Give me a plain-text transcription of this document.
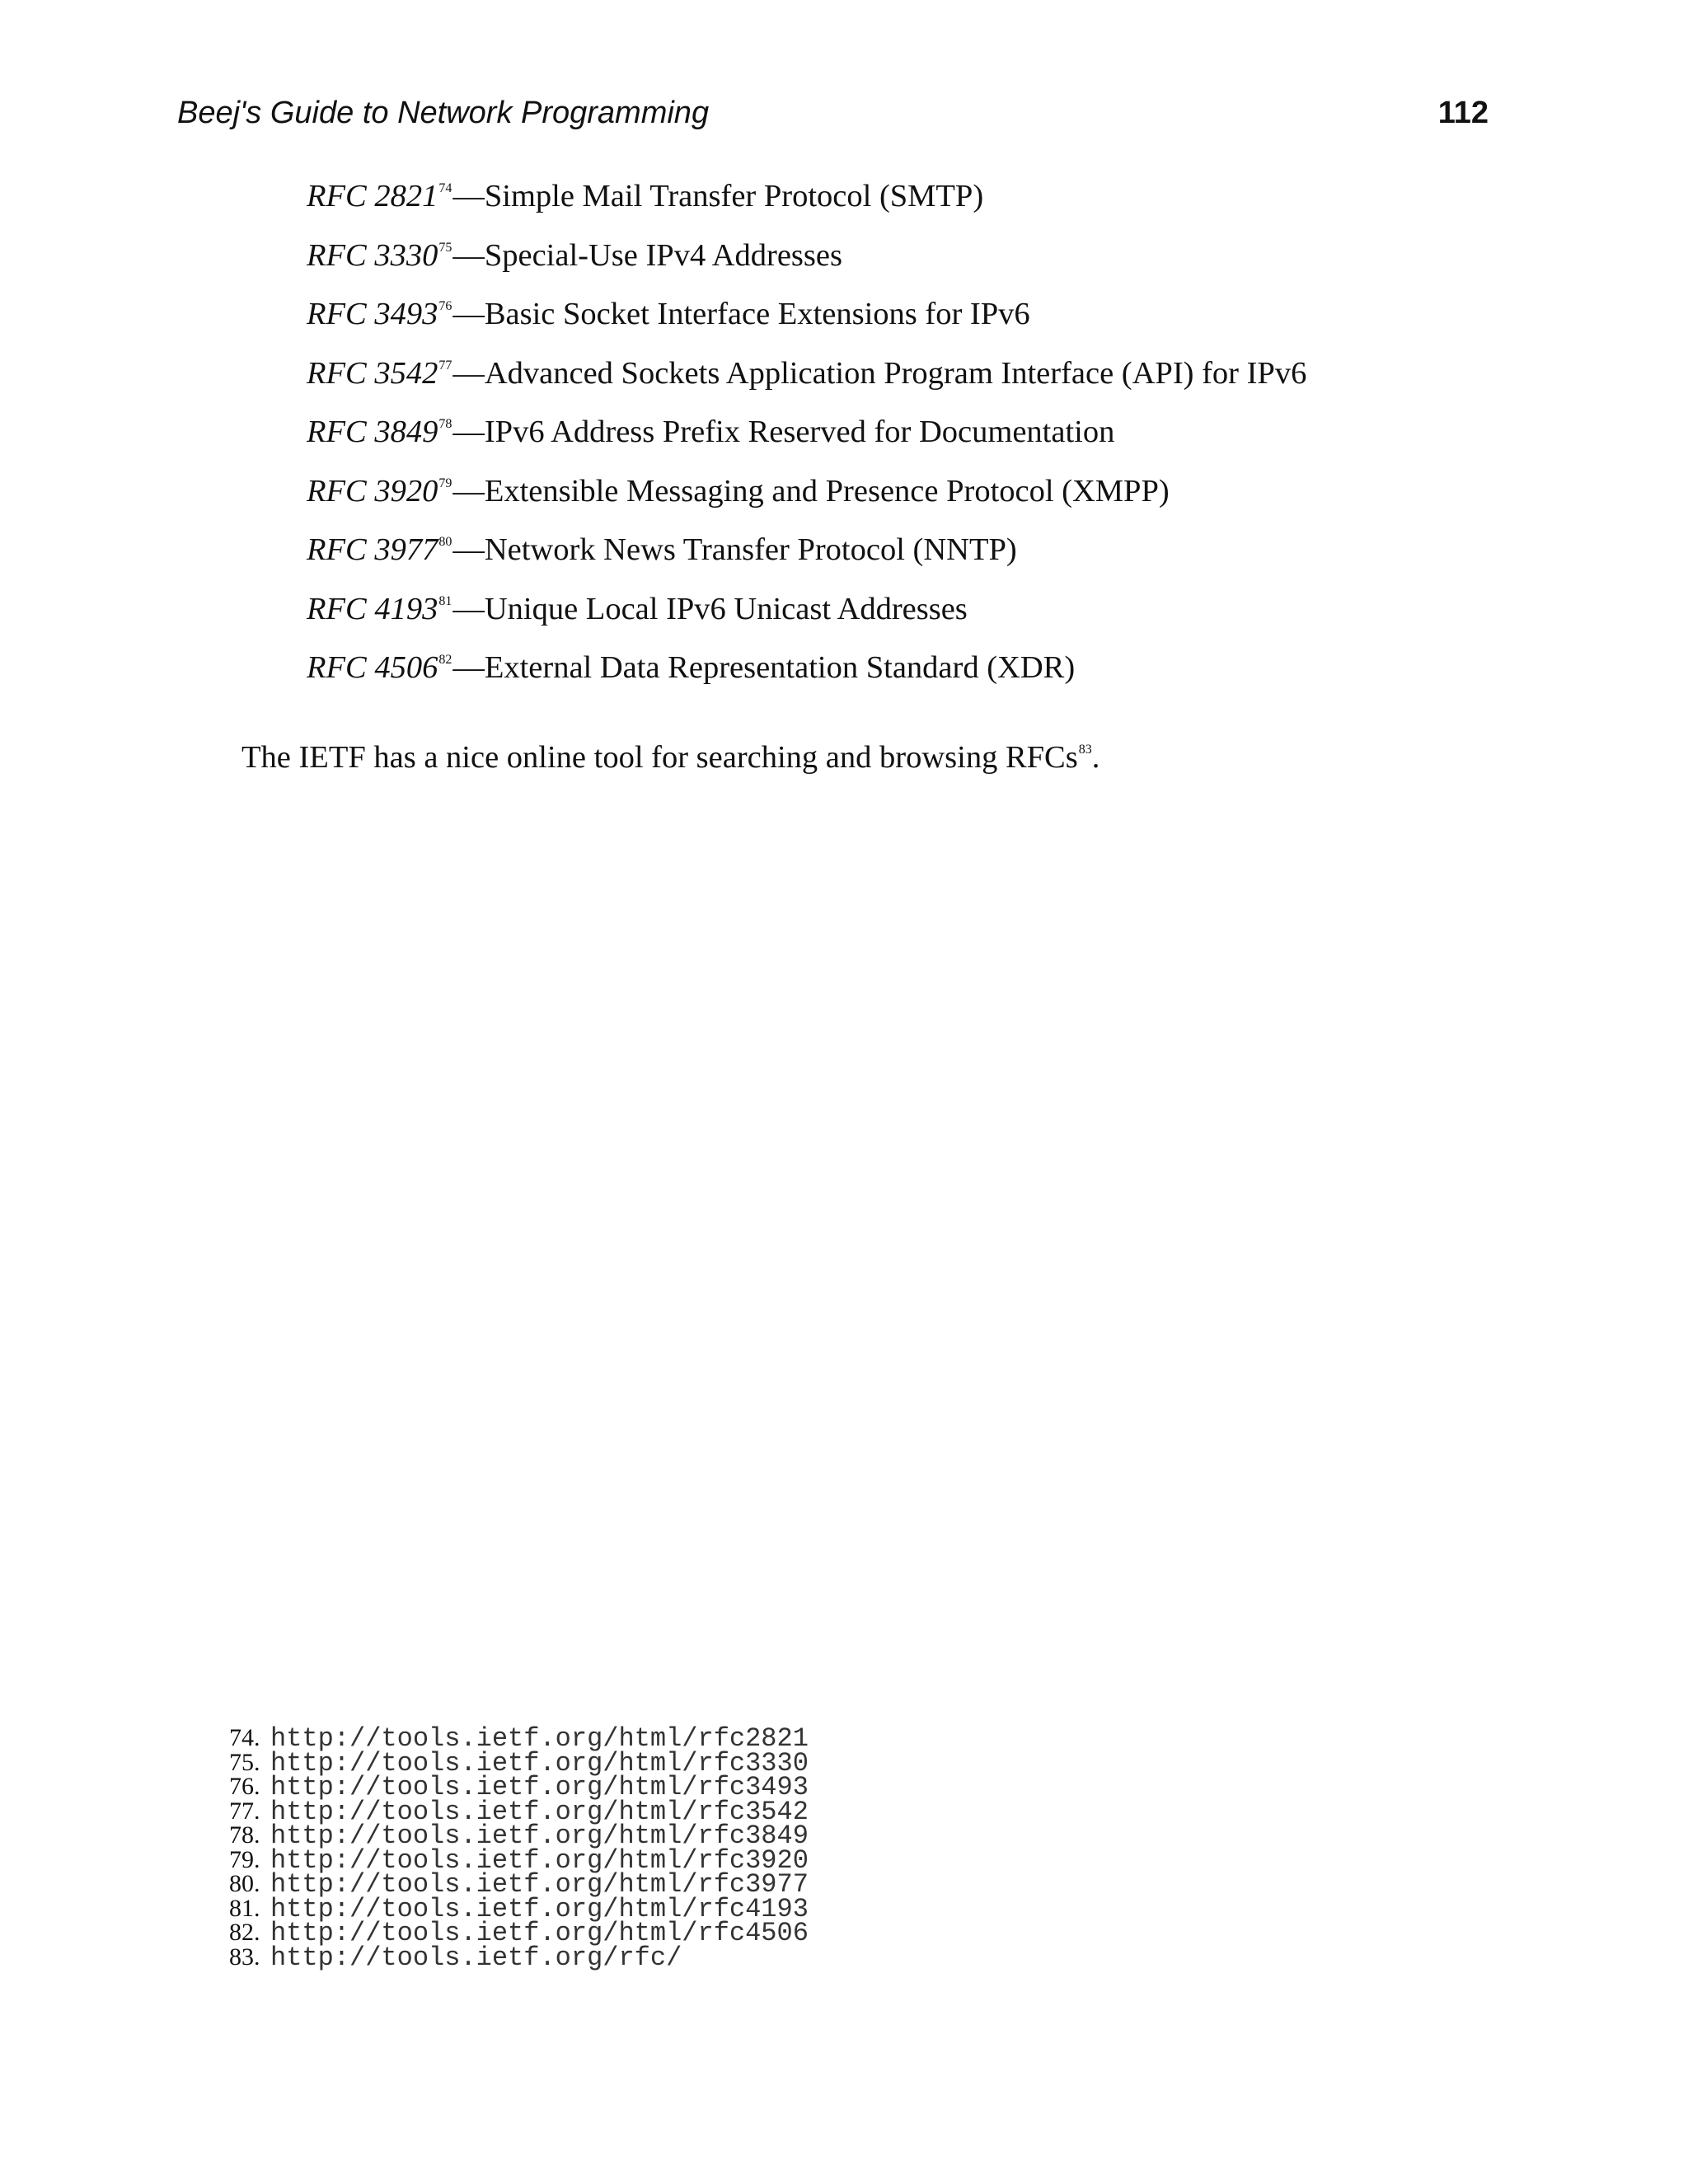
Beej's Guide to Network Programming	112
RFC 2821$^{74}$—Simple Mail Transfer Protocol (SMTP)
RFC 3330$^{75}$—Special-Use IPv4 Addresses
RFC 3493$^{76}$—Basic Socket Interface Extensions for IPv6
RFC 3542$^{77}$—Advanced Sockets Application Program Interface (API) for IPv6
RFC 3849$^{78}$—IPv6 Address Prefix Reserved for Documentation
RFC 3920$^{79}$—Extensible Messaging and Presence Protocol (XMPP)
RFC 3977$^{80}$—Network News Transfer Protocol (NNTP)
RFC 4193$^{81}$—Unique Local IPv6 Unicast Addresses
RFC 4506$^{82}$—External Data Representation Standard (XDR)

The IETF has a nice online tool for searching and browsing RFCs$^{83}$.

74. http://tools.ietf.org/html/rfc2821
75. http://tools.ietf.org/html/rfc3330
76. http://tools.ietf.org/html/rfc3493
77. http://tools.ietf.org/html/rfc3542
78. http://tools.ietf.org/html/rfc3849
79. http://tools.ietf.org/html/rfc3920
80. http://tools.ietf.org/html/rfc3977
81. http://tools.ietf.org/html/rfc4193
82. http://tools.ietf.org/html/rfc4506
83. http://tools.ietf.org/rfc/
